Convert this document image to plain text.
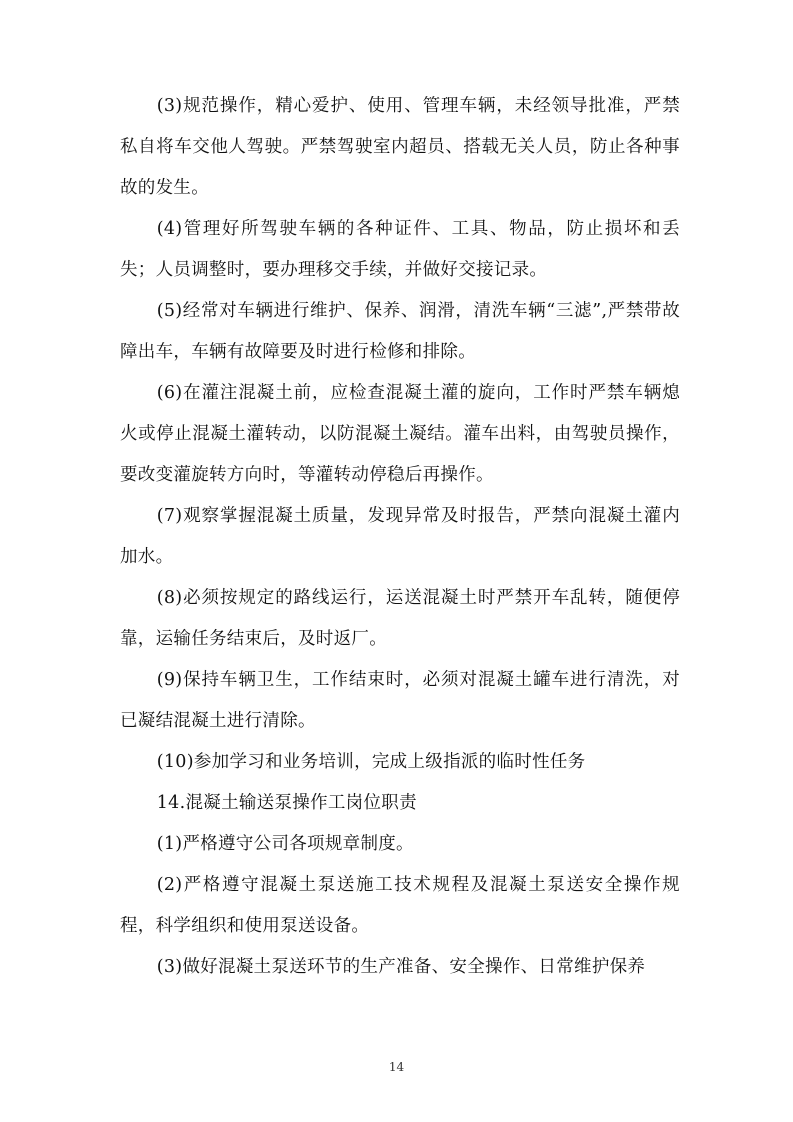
(3)规范操作，精心爱护、使用、管理车辆，未经领导批准，严禁私自将车交他人驾驶。严禁驾驶室内超员、搭载无关人员，防止各种事故的发生。

(4)管理好所驾驶车辆的各种证件、工具、物品，防止损坏和丢失；人员调整时，要办理移交手续，并做好交接记录。

(5)经常对车辆进行维护、保养、润滑，清洗车辆“三滤”,严禁带故障出车，车辆有故障要及时进行检修和排除。

(6)在灌注混凝土前，应检查混凝土灌的旋向，工作时严禁车辆熄火或停止混凝土灌转动，以防混凝土凝结。灌车出料，由驾驶员操作，要改变灌旋转方向时，等灌转动停稳后再操作。

(7)观察掌握混凝土质量，发现异常及时报告，严禁向混凝土灌内加水。

(8)必须按规定的路线运行，运送混凝土时严禁开车乱转，随便停靠，运输任务结束后，及时返厂。

(9)保持车辆卫生，工作结束时，必须对混凝土罐车进行清洗，对已凝结混凝土进行清除。

(10)参加学习和业务培训，完成上级指派的临时性任务

14.混凝土输送泵操作工岗位职责

(1)严格遵守公司各项规章制度。

(2)严格遵守混凝土泵送施工技术规程及混凝土泵送安全操作规程，科学组织和使用泵送设备。

(3)做好混凝土泵送环节的生产准备、安全操作、日常维护保养

14
